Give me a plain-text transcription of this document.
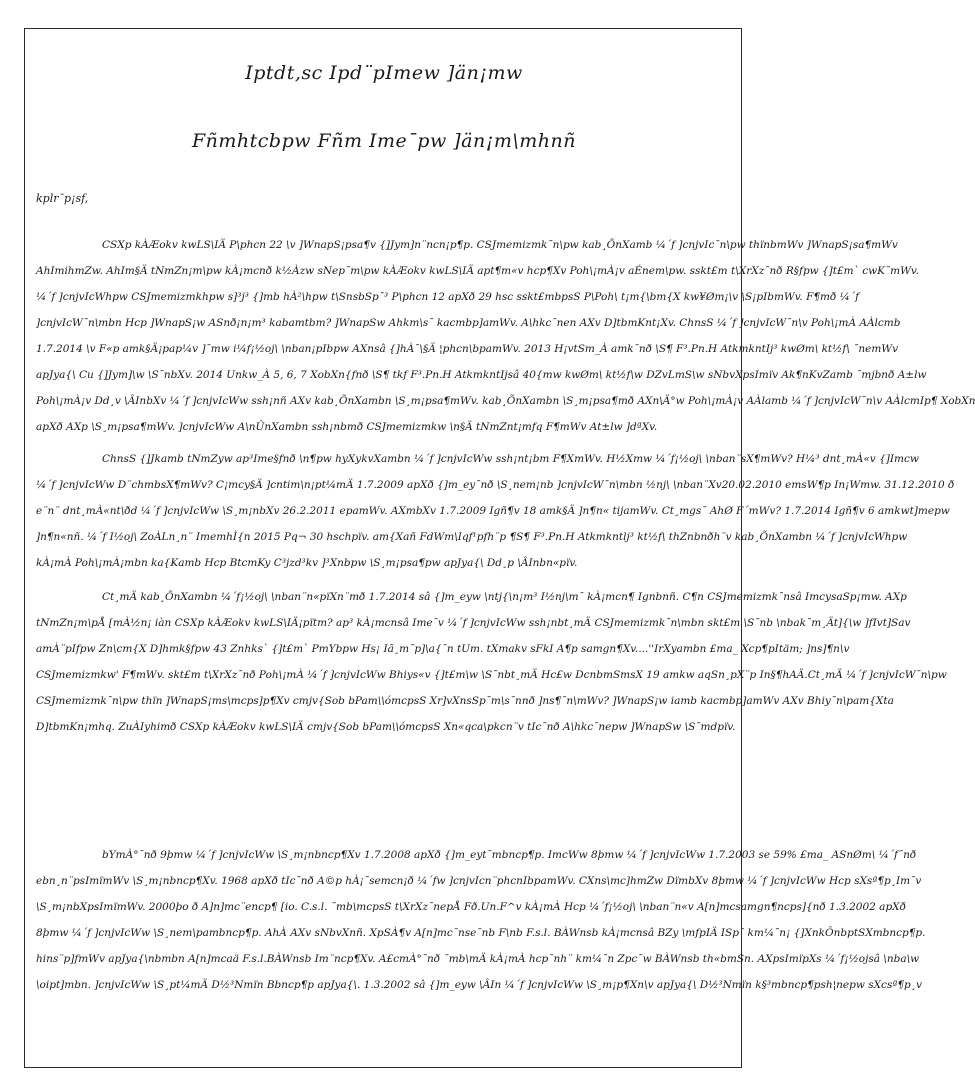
Iptdt,sc Ipd¨pImew ]än¡mw
Fñmhtcbpw Fñm Ime¯pw ]än¡m\mhnñ
kplr¯p¡sf,
CSXp kÀÆokv kwLS\IÄ P\phcn 22 \v ]WnapS¡psa¶v {]Jym]n¨ncn¡p¶p. CSJmemizmk¯n\pw kab¸ÕnXamb ¼´f ]cnjvIc¯n\pw thïnbmWv ]WnapS¡sa¶mWv
AhImihmZw. AhIm§Ä tNmZn¡m\pw kÀ¡mcnð k½Àzw sNep¯m\pw kÀÆokv kwLS\IÄ apt¶m«v hcp¶Xv Poh\¡mÀ¡v aÉnem\pw. sskt£m t\XrXz¯nð R§fpw {]t£m` cwK¯mWv.
¼´f ]cnjvIcWhpw CSJmemizmkhpw s]³j³ {]mb hÀ²\hpw t\SnsbSp¯³ P\phcn 12 apXð 29 hsc sskt£mbpsS P\Poh\ t¡m{\bm{X kw¥Øm¡\v \S¡pIbmWv. F¶mð ¼´f
]cnjvIcW¯n\mbn Hcp ]WnapS¡w ASnð¡n¡m³ kabamtbm? ]WnapSw Ahkm\s¯ kacmbp]amWv. A\hkc¯nen AXv D]tbmKnt¡Xv. ChnsS ¼´f ]cnjvIcW¯n\v Poh\¡mÀ AÀlcmb
1.7.2014 \v F«p amk§Ä¡pap¼v ]¯mw i¼f¡½oj\ \nban¡pIbpw AXnsâ {]hÀ¯\§Ä ¦phcn\bpamWv. 2013 H¡vtSm_À amk¯nð \S¶ F³.Pn.H AtkmkntIj³ kwØm\ kt½f\ ¯nemWv
apJya{\ Cu {]Jym]\w \S¯nbXv. 2014 Unkw_À 5, 6, 7 XobXn{fnð \S¶ tkf F³.Pn.H AtkmkntIjsâ 40{mw kwØm\ kt½f\w DZvLmS\w sNbvXpsImïv Ak¶nKvZamb ¯mjbnð A±lw
Poh\¡mÀ¡v Dd¸v \ÂInbXv ¼´f ]cnjvIcWw ssh¡nñ AXv kab¸ÕnXambn \S¸m¡psa¶mWv. kab¸ÕnXambn \S¸m¡psa¶mð AXn\Ä°w Poh\¡mÀ¡v AÀlamb ¼´f ]cnjvIcW¯n\v AÀlcmIp¶ XobXn
apXð AXp \S¸m¡psa¶mWv. ]cnjvIcWw A\nÛnXambn ssh¡nbmð CSJmemizmkw \n§Ä tNmZnt¡mfq F¶mWv At±lw ]dªXv.
ChnsS {]Jkamb tNmZyw ap³Ime§fnð \n¶pw hyXykvXambn ¼´f ]cnjvIcWw ssh¡nt¡bm F¶XmWv. H½Xmw ¼´f¡½oj\ \nban¨sX¶mWv? H¼³ dnt¸mÀ«v {]Imcw
¼´f ]cnjvIcWw D¨chmbsX¶mWv? C¡mcy§Ä ]cntim\n¡pt¼mÄ 1.7.2009 apXð {]m_ey¯nð \S¸nem¡nb ]cnjvIcW¯n\mbn ½nj\ \nban¨Xv20.02.2010 emsW¶p In¡Wmw. 31.12.2010 ð
e¨n¨ dnt¸mÀ«nt\ðd ¼´f ]cnjvIcWw \S¸m¡nbXv 26.2.2011 epamWv. AXmbXv 1.7.2009 Igñ¶v 18 amk§Ä ]n¶n« tijamWv. Ct¸mgs¯ AhØ F´mWv? 1.7.2014 Igñ¶v 6 amkwt]mepw
]n¶n«nñ. ¼´f I½oj\ ZoÀLn¸n¨ ImemhÌ{n 2015 Pq¬ 30 hschpïv. am{Xañ FdWm\Iqf¹pfh¨p ¶S¶ F³.Pn.H Atkmkntlj³ kt½f\ thZnbnðh¨v kab¸ÕnXambn ¼´f ]cnjvIcWhpw
kÀ¡mÀ Poh\¡mÀ¡mbn ka{Kamb Hcp BtcmKy C³jzd³kv ]³Xnbpw \S¸m¡psa¶pw apJya{\ Dd¸p \ÂInbn«pïv.
Ct¸mÄ kab¸ÕnXambn ¼´f¡½oj\ \nban¨n«pïXn¨mð 1.7.2014 sâ {]m_eyw \ntj{\n¡m³ I½nj\m¯ kÀ¡mcn¶ Ignbnñ. C¶n CSJmemizmk¯nsâ ImcysaSp¡mw. AXp
tNmZn¡m\pÅ [mÀ½n¡ iàn CSXp kÀÆokv kwLS\IÄ¡pïtm? ap³ kÀ¡mcnsâ Ime¯v ¼´f ]cnjvIcWw ssh¡nbt¸mÄ CSJmemizmk¯n\mbn skt£m \S¯nb \nbak¯m¸Ät]{\w ]fIvt]Sav
amÀ¨pIfpw Zn\cm{X D]hmk§fpw 43 Znhks` {]t£m` PmYbpw Hs¡ Iã¸m¯p]\a{¯n tUm. tXmakv sFkI A¶p samgn¶Xv....''IrXyambn £ma_ Xcp¶pItäm; ]ns]¶n\v
CSJmemizmkw' F¶mWv. skt£m t\XrXz¯nð Poh\¡mÀ ¼´f ]cnjvIcWw Bhiys«v {]t£m\w \S¯nbt¸mÄ Hc£w DcnbmSmsX 19 amkw aqSn¸pX¨p In§¶hAÄ.Ct¸mÄ ¼´f ]cnjvIcW¯n\pw
CSJmemizmk¯n\pw thïn ]WnapS¡ms\mcps]p¶Xv cmjv{Sob bPam\\ómcpsS Xr]vXnsSp¯m\s¯nnð ]ns¶¯n\mWv? ]WnapS¡w iamb kacmbp]amWv AXv Bhiy¯n\pam{Xta
D]tbmKn¡mhq. ZuÀIyhimð CSXp kÀÆokv kwLS\IÄ cmjv{Sob bPam\\ómcpsS Xn«qca\pkcn¨v tIc¯nð A\hkc¯nepw ]WnapSw \S¯mdpïv.
bYmÀ°¯nð 9þmw ¼´f ]cnjvIcWw \S¸m¡nbncp¶Xv 1.7.2008 apXð {]m_eyt¯mbncp¶p. ImcWw 8þmw ¼´f ]cnjvIcWw 1.7.2003 se 59% £ma_ ASnØm\ ¼´f¯nð
ebn¸n¨psImïmWv \S¸m¡nbncp¶Xv. 1968 apXð tIc¯nð A©p hÀ¡¯semcn¡ð ¼´fw ]cnjvIcn¨phcnIbpamWv. CXns\mc]hmZw DïmbXv 8þmw ¼´f ]cnjvIcWw Hcp sXsª¶p¸Im¯v
\S¸m¡nbXpsImïmWv. 2000þo ð A]n]mc¨encp¶ [io. C.s.l. ¯mb\mcpsS t\XrXz¯nepÅ Fð.Un.F^v kÀ¡mÀ Hcp ¼´f¡½oj\ \nban¨n«v A[n]mcsamgn¶ncps]{nð 1.3.2002 apXð
8þmw ¼´f ]cnjvIcWw \S¸nem\pambncp¶p. AhÀ AXv sNbvXnñ. XpSÀ¶v A[n]mc¯nse¯nb F\nb F.s.l. BÀWnsb kÀ¡mcnsâ BZy \mfpIÄ ISp¯ km¼¯n¡ {]XnkÔnbptSXmbncp¶p.
hins¨p]fmWv apJya{\nbmbn A[n]mcaä F.s.l.BÀWnsb Im¨ncp¶Xv. A£cmÀ°¯nð ¯mb\mÄ kÀ¡mÀ hcp¯nh¨ km¼¯n Zpc¯w BÀWnsb th«bmSn. AXpsImïpXs ¼´f¡½ojsâ \nba\w
\oipt]mbn. ]cnjvIcWw \S¸pt¼mÄ D½³Nmïn Bbncp¶p apJya{\. 1.3.2002 sâ {]m_eyw \ÂIn ¼´f ]cnjvIcWw \S¸m¡p¶Xn\v apJya{\ D½³Nmïn k§³mbncp¶psh¦nepw sXcsª¶p¸v
